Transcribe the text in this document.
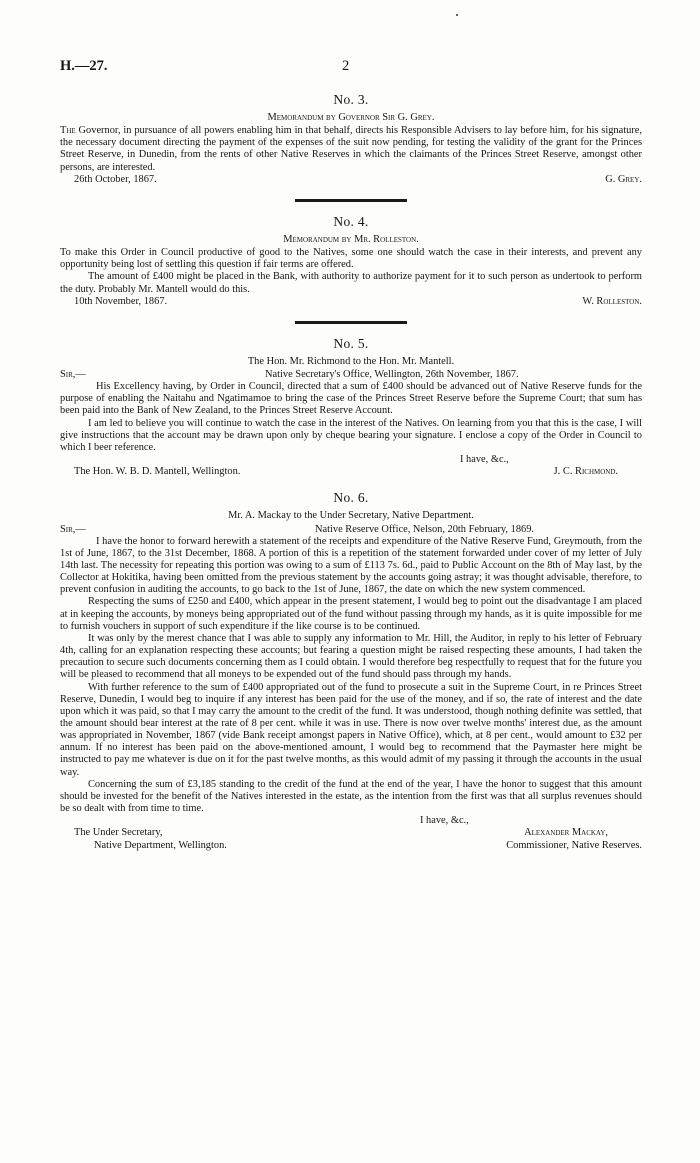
H.—27.	2
No. 3.
Memorandum by Governor Sir G. Grey.

The Governor, in pursuance of all powers enabling him in that behalf, directs his Responsible Advisers to lay before him, for his signature, the necessary document directing the payment of the expenses of the suit now pending, for testing the validity of the grant for the Princes Street Reserve, in Dunedin, from the rents of other Native Reserves in which the claimants of the Princes Street Reserve, amongst other persons, are interested.

26th October, 1867.	G. Grey.
No. 4.
Memorandum by Mr. Rolleston.

To make this Order in Council productive of good to the Natives, some one should watch the case in their interests, and prevent any opportunity being lost of settling this question if fair terms are offered.

The amount of £400 might be placed in the Bank, with authority to authorize payment for it to such person as undertook to perform the duty. Probably Mr. Mantell would do this.

10th November, 1867.	W. Rolleston.
No. 5.
The Hon. Mr. Richmond to the Hon. Mr. Mantell.
Sir,—	Native Secretary's Office, Wellington, 26th November, 1867.

His Excellency having, by Order in Council, directed that a sum of £400 should be advanced out of Native Reserve funds for the purpose of enabling the Naitahu and Ngatimamoe to bring the case of the Princes Street Reserve before the Supreme Court; that sum has been paid into the Bank of New Zealand, to the Princes Street Reserve Account.

I am led to believe you will continue to watch the case in the interest of the Natives. On learning from you that this is the case, I will give instructions that the account may be drawn upon only by cheque bearing your signature. I enclose a copy of the Order in Council to which I beer reference.

I have, &c.,
The Hon. W. B. D. Mantell, Wellington.	J. C. Richmond.
No. 6.
Mr. A. Mackay to the Under Secretary, Native Department.
Sir,—	Native Reserve Office, Nelson, 20th February, 1869.

I have the honor to forward herewith a statement of the receipts and expenditure of the Native Reserve Fund, Greymouth, from the 1st of June, 1867, to the 31st December, 1868. A portion of this is a repetition of the statement forwarded under cover of my letter of July 14th last. The necessity for repeating this portion was owing to a sum of £113 7s. 6d., paid to Public Account on the 8th of May last, by the Collector at Hokitika, having been omitted from the previous statement by the accounts going astray; it was thought advisable, therefore, to prevent confusion in auditing the accounts, to go back to the 1st of June, 1867, the date on which the new system commenced.

Respecting the sums of £250 and £400, which appear in the present statement, I would beg to point out the disadvantage I am placed at in keeping the accounts, by moneys being appropriated out of the fund without passing through my hands, as it is quite impossible for me to furnish vouchers in support of such expenditure if the like course is to be continued.

It was only by the merest chance that I was able to supply any information to Mr. Hill, the Auditor, in reply to his letter of February 4th, calling for an explanation respecting these accounts; but fearing a question might be raised respecting these amounts, I had taken the precaution to secure such documents concerning them as I could obtain. I would therefore beg respectfully to request that for the future you will be pleased to recommend that all moneys to be expended out of the fund should pass through my hands.

With further reference to the sum of £400 appropriated out of the fund to prosecute a suit in the Supreme Court, in re Princes Street Reserve, Dunedin, I would beg to inquire if any interest has been paid for the use of the money, and if so, the rate of interest and the date upon which it was paid, so that I may carry the amount to the credit of the fund. It was understood, though nothing definite was settled, that the amount should bear interest at the rate of 8 per cent. while it was in use. There is now over twelve months' interest due, as the amount was appropriated in November, 1867 (vide Bank receipt amongst papers in Native Office), which, at 8 per cent., would amount to £32 per annum. If no interest has been paid on the above-mentioned amount, I would beg to recommend that the Paymaster here might be instructed to pay me whatever is due on it for the past twelve months, as this would admit of my passing it through the accounts in the usual way.

Concerning the sum of £3,185 standing to the credit of the fund at the end of the year, I have the honor to suggest that this amount should be invested for the benefit of the Natives interested in the estate, as the intention from the first was that all surplus revenues should be so dealt with from time to time.

I have, &c.,
The Under Secretary,	Alexander Mackay,
Native Department, Wellington.	Commissioner, Native Reserves.
